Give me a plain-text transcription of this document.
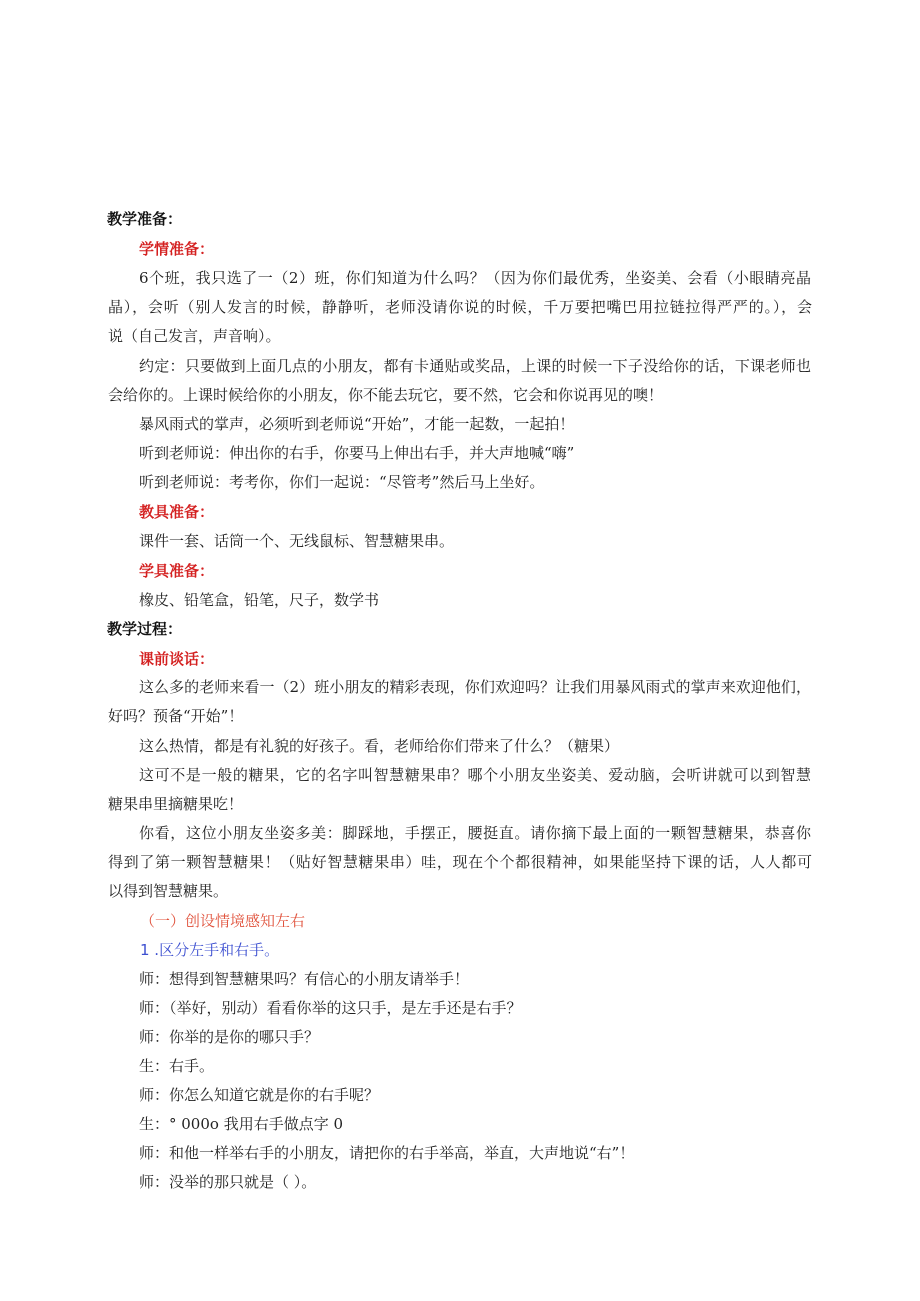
教学准备：
学情准备：
6个班，我只选了一（2）班，你们知道为什么吗？（因为你们最优秀，坐姿美、会看（小眼睛亮晶
晶），会听（别人发言的时候，静静听，老师没请你说的时候，千万要把嘴巴用拉链拉得严严的。），会
说（自己发言，声音响）。
约定：只要做到上面几点的小朋友，都有卡通贴或奖品，上课的时候一下子没给你的话，下课老师也
会给你的。上课时候给你的小朋友，你不能去玩它，要不然，它会和你说再见的噢！
暴风雨式的掌声，必须听到老师说“开始”，才能一起数，一起拍！
听到老师说：伸出你的右手，你要马上伸出右手，并大声地喊“嗨”
听到老师说：考考你，你们一起说：“尽管考”然后马上坐好。
教具准备：
课件一套、话筒一个、无线鼠标、智慧糖果串。
学具准备：
橡皮、铅笔盒，铅笔，尺子，数学书
教学过程：
课前谈话：
这么多的老师来看一（2）班小朋友的精彩表现，你们欢迎吗？让我们用暴风雨式的掌声来欢迎他们，
好吗？预备“开始”！
这么热情，都是有礼貌的好孩子。看，老师给你们带来了什么？（糖果）
这可不是一般的糖果，它的名字叫智慧糖果串？哪个小朋友坐姿美、爱动脑，会听讲就可以到智慧
糖果串里摘糖果吃！
你看，这位小朋友坐姿多美：脚踩地，手摆正，腰挺直。请你摘下最上面的一颗智慧糖果，恭喜你
得到了第一颗智慧糖果！（贴好智慧糖果串）哇，现在个个都很精神，如果能坚持下课的话，人人都可
以得到智慧糖果。
（一）创设情境感知左右
1 .区分左手和右手。
师：想得到智慧糖果吗？有信心的小朋友请举手！
师：（举好，别动）看看你举的这只手，是左手还是右手？
师：你举的是你的哪只手？
生：右手。
师：你怎么知道它就是你的右手呢？
生：° 000o 我用右手做点字 0
师：和他一样举右手的小朋友，请把你的右手举高，举直，大声地说“右”！
师：没举的那只就是（ ）。
